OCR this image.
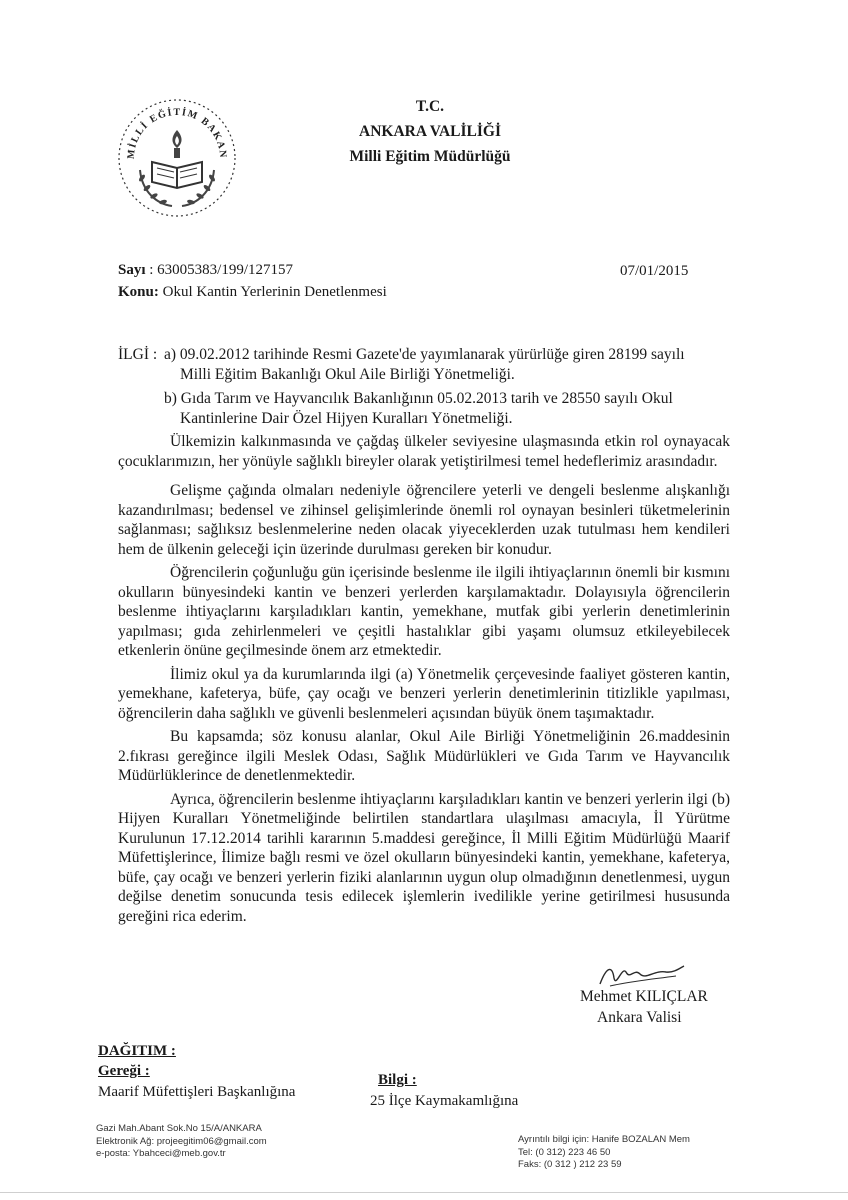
MİLLİ EĞİTİM BAKAN
T.C.
ANKARA VALİLİĞİ
Milli Eğitim Müdürlüğü
Sayı : 63005383/199/127157
Konu: Okul Kantin Yerlerinin Denetlenmesi
07/01/2015
İLGİ : a) 09.02.2012 tarihinde Resmi Gazete'de yayımlanarak yürürlüğe giren 28199 sayılı
Milli Eğitim Bakanlığı Okul Aile Birliği Yönetmeliği.
b) Gıda Tarım ve Hayvancılık Bakanlığının 05.02.2013 tarih ve 28550 sayılı Okul
Kantinlerine Dair Özel Hijyen Kuralları Yönetmeliği.

Ülkemizin kalkınmasında ve çağdaş ülkeler seviyesine ulaşmasında etkin rol oynayacak çocuklarımızın, her yönüyle sağlıklı bireyler olarak yetiştirilmesi temel hedeflerimiz arasındadır.

Gelişme çağında olmaları nedeniyle öğrencilere yeterli ve dengeli beslenme alışkanlığı kazandırılması; bedensel ve zihinsel gelişimlerinde önemli rol oynayan besinleri tüketmelerinin sağlanması; sağlıksız beslenmelerine neden olacak yiyeceklerden uzak tutulması hem kendileri hem de ülkenin geleceği için üzerinde durulması gereken bir konudur.

Öğrencilerin çoğunluğu gün içerisinde beslenme ile ilgili ihtiyaçlarının önemli bir kısmını okulların bünyesindeki kantin ve benzeri yerlerden karşılamaktadır. Dolayısıyla öğrencilerin beslenme ihtiyaçlarını karşıladıkları kantin, yemekhane, mutfak gibi yerlerin denetimlerinin yapılması; gıda zehirlenmeleri ve çeşitli hastalıklar gibi yaşamı olumsuz etkileyebilecek etkenlerin önüne geçilmesinde önem arz etmektedir.

İlimiz okul ya da kurumlarında ilgi (a) Yönetmelik çerçevesinde faaliyet gösteren kantin, yemekhane, kafeterya, büfe, çay ocağı ve benzeri yerlerin denetimlerinin titizlikle yapılması, öğrencilerin daha sağlıklı ve güvenli beslenmeleri açısından büyük önem taşımaktadır.

Bu kapsamda; söz konusu alanlar, Okul Aile Birliği Yönetmeliğinin 26.maddesinin 2.fıkrası gereğince ilgili Meslek Odası, Sağlık Müdürlükleri ve Gıda Tarım ve Hayvancılık Müdürlüklerince de denetlenmektedir.

Ayrıca, öğrencilerin beslenme ihtiyaçlarını karşıladıkları kantin ve benzeri yerlerin ilgi (b) Hijyen Kuralları Yönetmeliğinde belirtilen standartlara ulaşılması amacıyla, İl Yürütme Kurulunun 17.12.2014 tarihli kararının 5.maddesi gereğince, İl Milli Eğitim Müdürlüğü Maarif Müfettişlerince, İlimize bağlı resmi ve özel okulların bünyesindeki kantin, yemekhane, kafeterya, büfe, çay ocağı ve benzeri yerlerin fiziki alanlarının uygun olup olmadığının denetlenmesi, uygun değilse denetim sonucunda tesis edilecek işlemlerin ivedilikle yerine getirilmesi hususunda gereğini rica ederim.

Mehmet KILIÇLAR
Ankara Valisi
DAĞITIM :
Gereği :
Maarif Müfettişleri Başkanlığına
Bilgi :
25 İlçe Kaymakamlığına
Gazi Mah.Abant Sok.No 15/A/ANKARA
Elektronik Ağ: projeegitim06@gmail.com
e-posta: Ybahceci@meb.gov.tr
Ayrıntılı bilgi için: Hanife BOZALAN Mem
Tel: (0 312) 223 46 50
Faks: (0 312 ) 212 23 59
